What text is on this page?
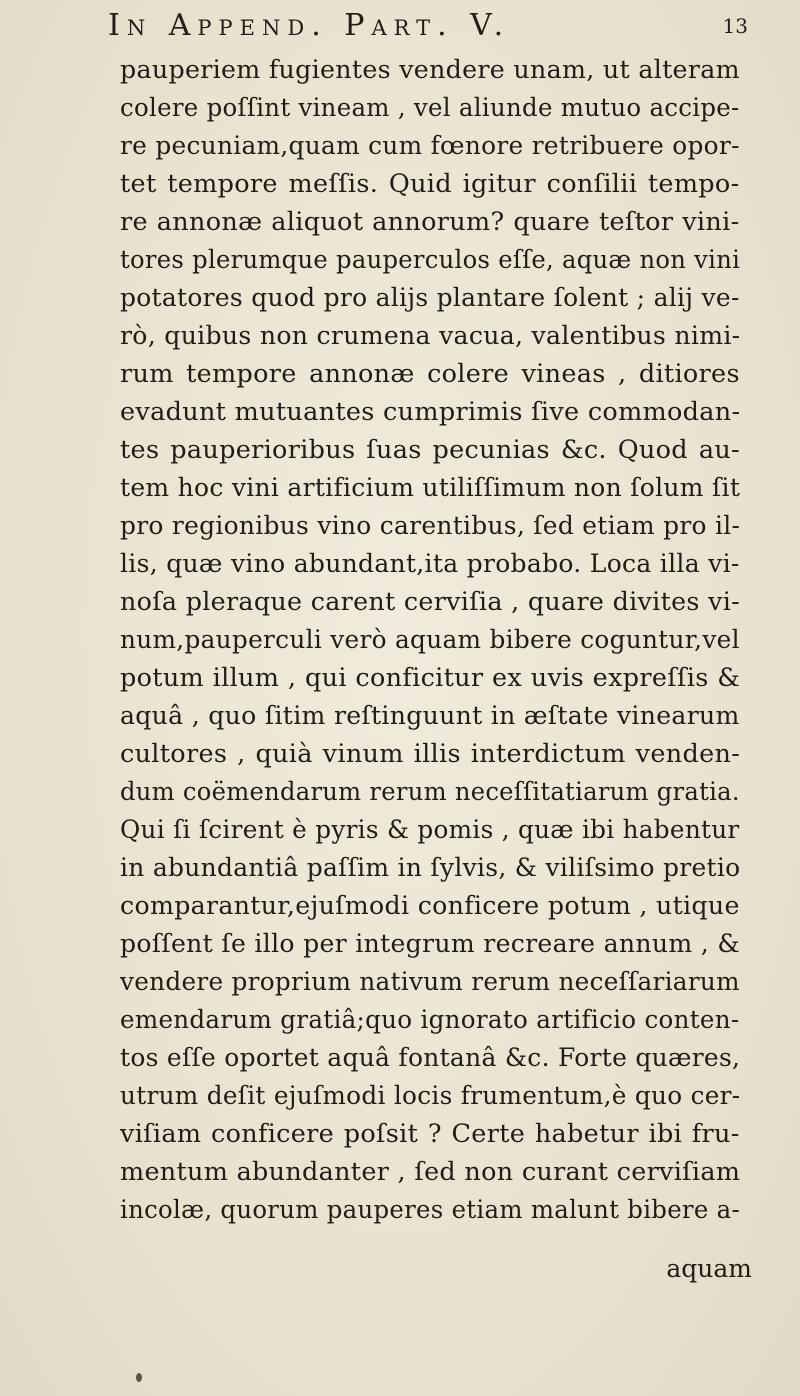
In Append. Part. V.	13
pauperiem fugientes vendere unam, ut alteram
colere poſſint vineam , vel aliunde mutuo accipe-
re pecuniam,quam cum fœnore retribuere opor-
tet tempore meſſis. Quid igitur conſilii tempo-
re annonæ aliquot annorum? quare teſtor vini-
tores plerumque pauperculos eſſe, aquæ non vini
potatores quod pro alijs plantare ſolent ; alij ve-
rò, quibus non crumena vacua, valentibus nimi-
rum tempore annonæ colere vineas , ditiores
evadunt mutuantes cumprimis ſive commodan-
tes pauperioribus ſuas pecunias &c. Quod au-
tem hoc vini artificium utiliſſimum non ſolum ſit
pro regionibus vino carentibus, ſed etiam pro il-
lis, quæ vino abundant,ita probabo. Loca illa vi-
noſa pleraque carent cerviſia , quare divites vi-
num,pauperculi verò aquam bibere coguntur,vel
potum illum , qui conficitur ex uvis expreſſis &
aquâ , quo ſitim reſtinguunt in æſtate vinearum
cultores , quià vinum illis interdictum venden-
dum coëmendarum rerum neceſſitatiarum gratia.
Qui ſi ſcirent è pyris & pomis , quæ ibi habentur
in abundantiâ paſſim in ſylvis, & viliſsimo pretio
comparantur,ejuſmodi conficere potum , utique
poſſent ſe illo per integrum recreare annum , &
vendere proprium nativum rerum neceſſariarum
emendarum gratiâ;quo ignorato artificio conten-
tos eſſe oportet aquâ fontanâ &c. Forte quæres,
utrum deſit ejuſmodi locis frumentum,è quo cer-
viſiam conficere poſsit ? Certe habetur ibi fru-
mentum abundanter , ſed non curant cerviſiam
incolæ, quorum pauperes etiam malunt bibere a-
aquam
